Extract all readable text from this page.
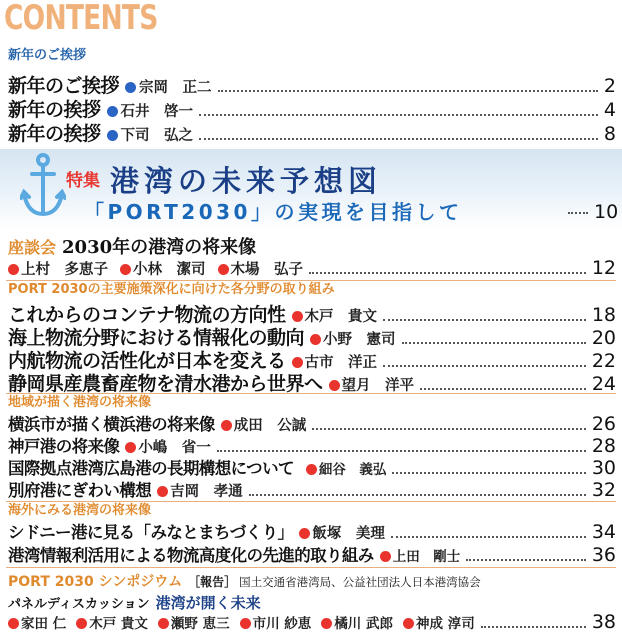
CONTENTS
新年のご挨拶
新年のご挨拶 宗岡　正二	2
新年の挨拶 石井　啓一	4
新年の挨拶 下司　弘之	8
特集 港湾の未来予想図
「PORT2030」の実現を目指して	10
座談会 2030年の港湾の将来像
上村　多恵子 小林　潔司 木場　弘子	12
PORT 2030の主要施策深化に向けた各分野の取り組み
これからのコンテナ物流の方向性 木戸　貴文	18
海上物流分野における情報化の動向 小野　憲司	20
内航物流の活性化が日本を変える 古市　洋正	22
静岡県産農畜産物を清水港から世界へ 望月　洋平	24
地域が描く港湾の将来像
横浜市が描く横浜港の将来像 成田　公誠	26
神戸港の将来像 小嶋　省一	28
国際拠点港湾広島港の長期構想について 細谷　義弘	30
別府港にぎわい構想 吉岡　孝通	32
海外にみる港湾の将来像
シドニー港に見る「みなとまちづくり」 飯塚　美理	34
港湾情報利活用による物流高度化の先進的取り組み 上田　剛士	36
PORT 2030 シンポジウム ［報告］ 国土交通省港湾局、公益社団法人日本港湾協会
パネルディスカッション 港湾が開く未来
家田 仁 木戸 貴文 瀬野 恵三 市川 紗恵 橘川 武郎 神成 淳司	38
